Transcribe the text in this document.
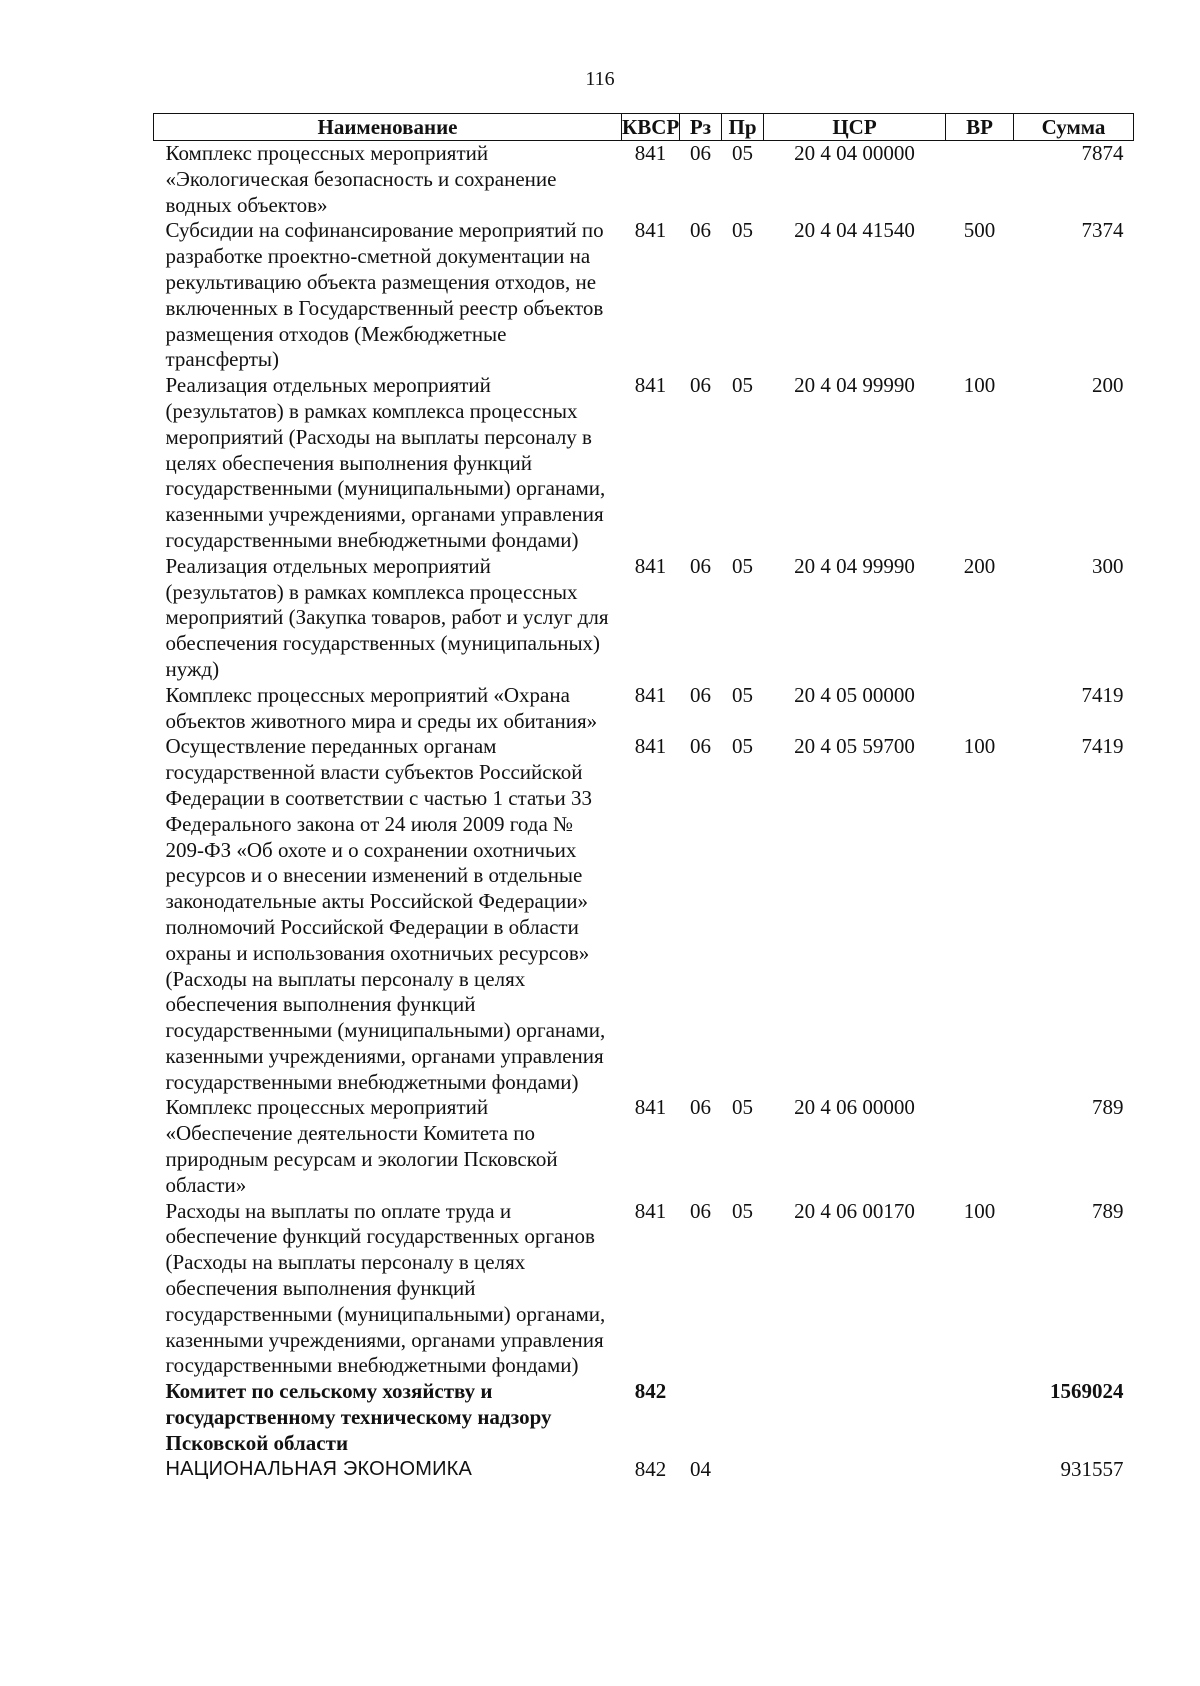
116
Наименование	КВСР	Рз	Пр	ЦСР	ВР	Сумма
Комплекс процессных мероприятий «Экологическая безопасность и сохранение водных объектов»	841	06	05	20 4 04 00000		7874
Субсидии на софинансирование мероприятий по разработке проектно-сметной документации на рекультивацию объекта размещения отходов, не включенных в Государственный реестр объектов размещения отходов (Межбюджетные трансферты)	841	06	05	20 4 04 41540	500	7374
Реализация отдельных мероприятий (результатов) в рамках комплекса процессных мероприятий (Расходы на выплаты персоналу в целях обеспечения выполнения функций государственными (муниципальными) органами, казенными учреждениями, органами управления государственными внебюджетными фондами)	841	06	05	20 4 04 99990	100	200
Реализация отдельных мероприятий (результатов) в рамках комплекса процессных мероприятий (Закупка товаров, работ и услуг для обеспечения государственных (муниципальных) нужд)	841	06	05	20 4 04 99990	200	300
Комплекс процессных мероприятий «Охрана объектов животного мира и среды их обитания»	841	06	05	20 4 05 00000		7419
Осуществление переданных органам государственной власти субъектов Российской Федерации в соответствии с частью 1 статьи 33 Федерального закона от 24 июля 2009 года № 209-ФЗ «Об охоте и о сохранении охотничьих ресурсов и о внесении изменений в отдельные законодательные акты Российской Федерации» полномочий Российской Федерации в области охраны и использования охотничьих ресурсов» (Расходы на выплаты персоналу в целях обеспечения выполнения функций государственными (муниципальными) органами, казенными учреждениями, органами управления государственными внебюджетными фондами)	841	06	05	20 4 05 59700	100	7419
Комплекс процессных мероприятий «Обеспечение деятельности Комитета по природным ресурсам и экологии Псковской области»	841	06	05	20 4 06 00000		789
Расходы на выплаты по оплате труда и обеспечение функций государственных органов (Расходы на выплаты персоналу в целях обеспечения выполнения функций государственными (муниципальными) органами, казенными учреждениями, органами управления государственными внебюджетными фондами)	841	06	05	20 4 06 00170	100	789
Комитет по сельскому хозяйству и государственному техническому надзору Псковской области	842					1569024
НАЦИОНАЛЬНАЯ ЭКОНОМИКА	842	04				931557
